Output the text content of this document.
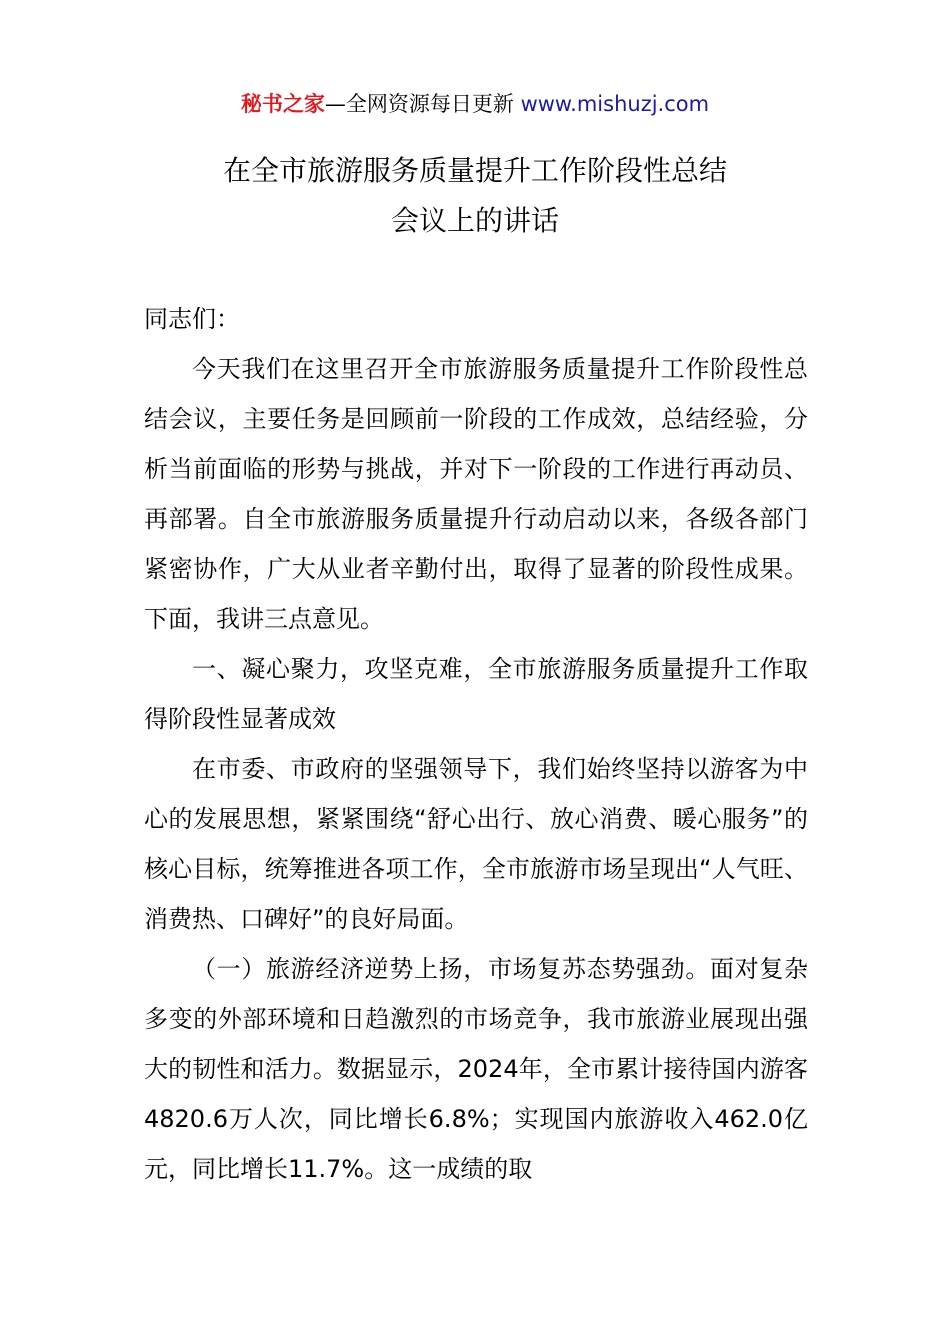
秘书之家—全网资源每日更新 www.mishuzj.com
在全市旅游服务质量提升工作阶段性总结
会议上的讲话

同志们：

今天我们在这里召开全市旅游服务质量提升工作阶段性总结会议，主要任务是回顾前一阶段的工作成效，总结经验，分析当前面临的形势与挑战，并对下一阶段的工作进行再动员、再部署。自全市旅游服务质量提升行动启动以来，各级各部门紧密协作，广大从业者辛勤付出，取得了显著的阶段性成果。下面，我讲三点意见。

一、凝心聚力，攻坚克难，全市旅游服务质量提升工作取得阶段性显著成效

在市委、市政府的坚强领导下，我们始终坚持以游客为中心的发展思想，紧紧围绕“舒心出行、放心消费、暖心服务”的核心目标，统筹推进各项工作，全市旅游市场呈现出“人气旺、消费热、口碑好”的良好局面。

（一）旅游经济逆势上扬，市场复苏态势强劲。面对复杂多变的外部环境和日趋激烈的市场竞争，我市旅游业展现出强大的韧性和活力。数据显示，2024年，全市累计接待国内游客4820.6万人次，同比增长6.8%；实现国内旅游收入462.0亿元，同比增长11.7%。这一成绩的取
